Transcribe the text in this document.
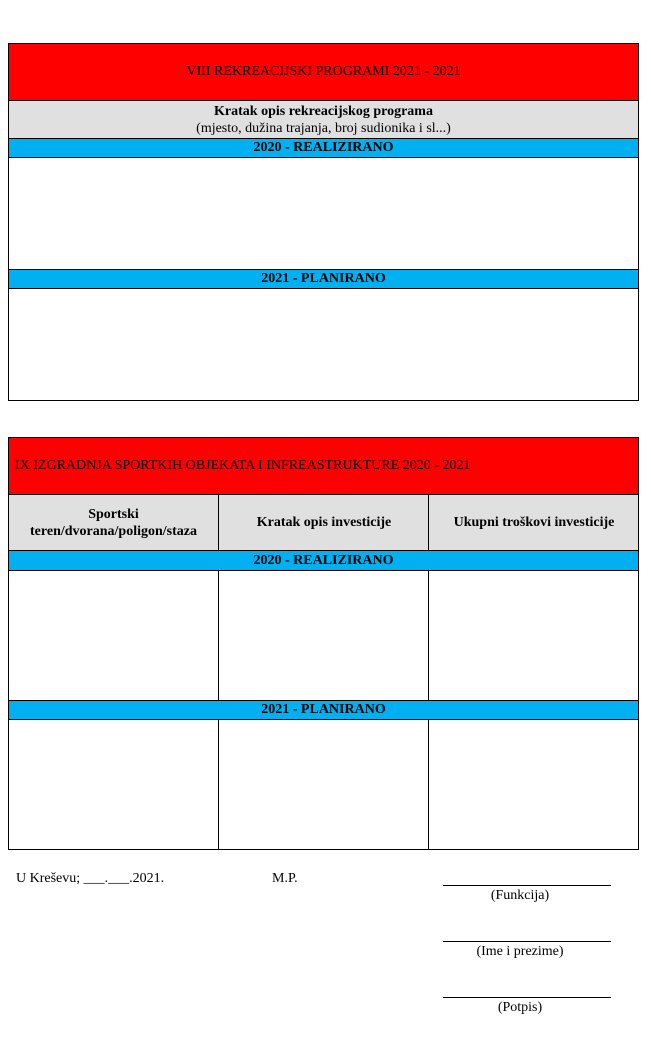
VIII REKREACIJSKI PROGRAMI 2021 - 2021
Kratak opis rekreacijskog programa
(mjesto, dužina trajanja, broj sudionika i sl...)
2020 - REALIZIRANO
2021 - PLANIRANO
IX IZGRADNJA SPORTKIH OBJEKATA I INFREASTRUKTURE 2020 - 2021
Sportski
teren/dvorana/poligon/staza
Kratak opis investicije	Ukupni troškovi investicije
2020 - REALIZIRANO
2021 - PLANIRANO
U Kreševu; ___.___.2021.	M.P.
(Funkcija)
(Ime i prezime)
(Potpis)
